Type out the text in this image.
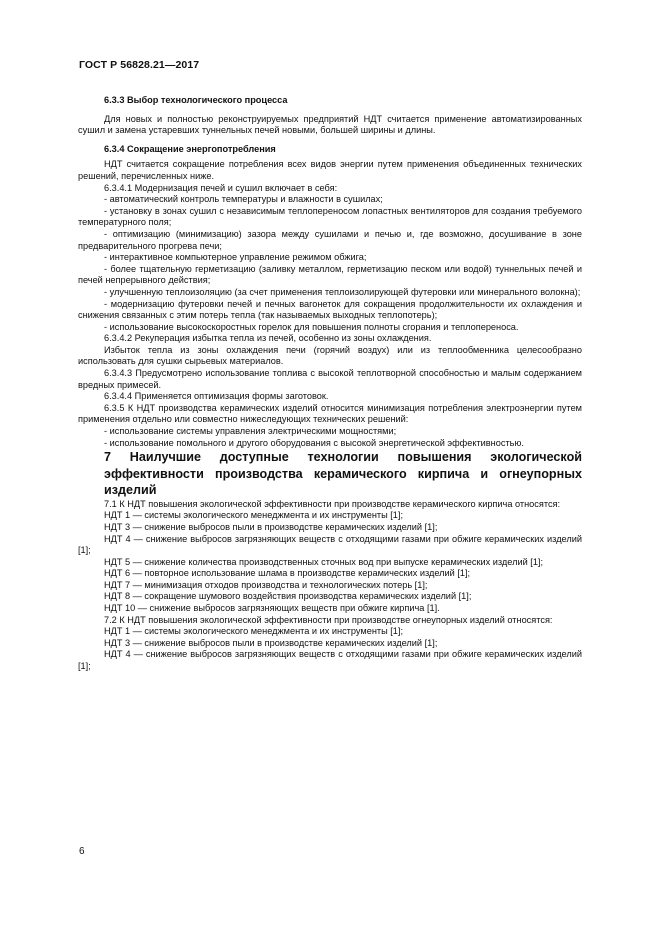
ГОСТ Р 56828.21—2017

6.3.3 Выбор технологического процесса

Для новых и полностью реконструируемых предприятий НДТ считается применение автоматизированных сушил и замена устаревших туннельных печей новыми, большей ширины и длины.

6.3.4 Сокращение энергопотребления

НДТ считается сокращение потребления всех видов энергии путем применения объединенных технических решений, перечисленных ниже.

6.3.4.1 Модернизация печей и сушил включает в себя:

- автоматический контроль температуры и влажности в сушилах;

- установку в зонах сушил с независимым теплопереносом лопастных вентиляторов для создания требуемого температурного поля;

- оптимизацию (минимизацию) зазора между сушилами и печью и, где возможно, досушивание в зоне предварительного прогрева печи;

- интерактивное компьютерное управление режимом обжига;

- более тщательную герметизацию (заливку металлом, герметизацию песком или водой) туннельных печей и печей непрерывного действия;

- улучшенную теплоизоляцию (за счет применения теплоизолирующей футеровки или минерального волокна);

- модернизацию футеровки печей и печных вагонеток для сокращения продолжительности их охлаждения и снижения связанных с этим потерь тепла (так называемых выходных теплопотерь);

- использование высокоскоростных горелок для повышения полноты сгорания и теплопереноса.

6.3.4.2 Рекуперация избытка тепла из печей, особенно из зоны охлаждения.

Избыток тепла из зоны охлаждения печи (горячий воздух) или из теплообменника целесообразно использовать для сушки сырьевых материалов.

6.3.4.3 Предусмотрено использование топлива с высокой теплотворной способностью и малым содержанием вредных примесей.

6.3.4.4 Применяется оптимизация формы заготовок.

6.3.5 К НДТ производства керамических изделий относится минимизация потребления электроэнергии путем применения отдельно или совместно нижеследующих технических решений:

- использование системы управления электрическими мощностями;

- использование помольного и другого оборудования с высокой энергетической эффективностью.

7 Наилучшие доступные технологии повышения экологической эффективности производства керамического кирпича и огнеупорных изделий

7.1 К НДТ повышения экологической эффективности при производстве керамического кирпича относятся:

НДТ 1 — системы экологического менеджмента и их инструменты [1];

НДТ 3 — снижение выбросов пыли в производстве керамических изделий [1];

НДТ 4 — снижение выбросов загрязняющих веществ с отходящими газами при обжиге керамических изделий [1];

НДТ 5 — снижение количества производственных сточных вод при выпуске керамических изделий [1];

НДТ 6 — повторное использование шлама в производстве керамических изделий [1];

НДТ 7 — минимизация отходов производства и технологических потерь [1];

НДТ 8 — сокращение шумового воздействия производства керамических изделий [1];

НДТ 10 — снижение выбросов загрязняющих веществ при обжиге кирпича [1].

7.2 К НДТ повышения экологической эффективности при производстве огнеупорных изделий относятся:

НДТ 1 — системы экологического менеджмента и их инструменты [1];

НДТ 3 — снижение выбросов пыли в производстве керамических изделий [1];

НДТ 4 — снижение выбросов загрязняющих веществ с отходящими газами при обжиге керамических изделий [1];

6
